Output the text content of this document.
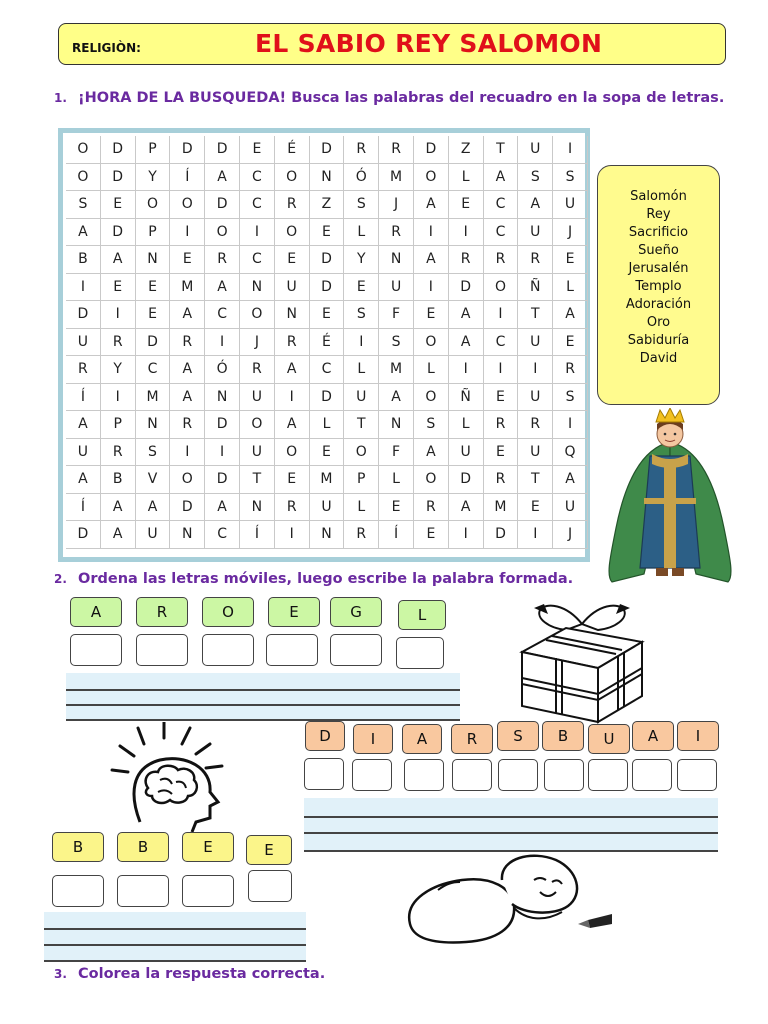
RELIGIÒN:	EL SABIO REY SALOMON
1. ¡HORA DE LA BUSQUEDA! Busca las palabras del recuadro en la sopa de letras.
O	D	P	D	D	E	É	D	R	R	D	Z	T	U	I
O	D	Y	Í	A	C	O	N	Ó	M	O	L	A	S	S
S	E	O	O	D	C	R	Z	S	J	A	E	C	A	U
A	D	P	I	O	I	O	E	L	R	I	I	C	U	J
B	A	N	E	R	C	E	D	Y	N	A	R	R	R	E
I	E	E	M	A	N	U	D	E	U	I	D	O	Ñ	L
D	I	E	A	C	O	N	E	S	F	E	A	I	T	A
U	R	D	R	I	J	R	É	I	S	O	A	C	U	E
R	Y	C	A	Ó	R	A	C	L	M	L	I	I	I	R
Í	I	M	A	N	U	I	D	U	A	O	Ñ	E	U	S
A	P	N	R	D	O	A	L	T	N	S	L	R	R	I
U	R	S	I	I	U	O	E	O	F	A	U	E	U	Q
A	B	V	O	D	T	E	M	P	L	O	D	R	T	A
Í	A	A	D	A	N	R	U	L	E	R	A	M	E	U
D	A	U	N	C	Í	I	N	R	Í	E	I	D	I	J
Salomón
Rey
Sacrificio
Sueño
Jerusalén
Templo
Adoración
Oro
Sabiduría
David
2. Ordena las letras móviles, luego escribe la palabra formada.
A	R	O	E	G	L
D	I	A	R	S	B	U	A	I
B	B	E	E
3. Colorea la respuesta correcta.
